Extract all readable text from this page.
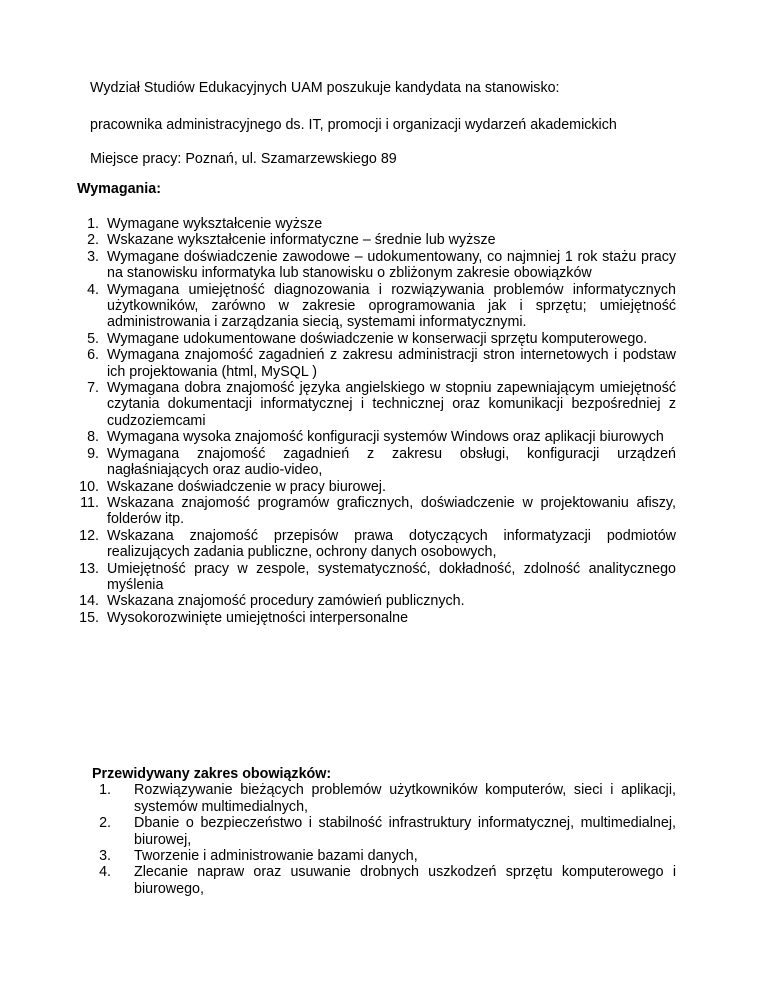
Wydział Studiów Edukacyjnych UAM poszukuje kandydata na stanowisko:

pracownika administracyjnego ds. IT, promocji i organizacji wydarzeń akademickich

Miejsce pracy: Poznań, ul. Szamarzewskiego 89

Wymagania:

1. Wymagane wykształcenie wyższe
2. Wskazane wykształcenie informatyczne – średnie lub wyższe
3. Wymagane doświadczenie zawodowe – udokumentowany, co najmniej 1 rok stażu pracy na stanowisku informatyka lub stanowisku o zbliżonym zakresie obowiązków
4. Wymagana umiejętność diagnozowania i rozwiązywania problemów informatycznych użytkowników, zarówno w zakresie oprogramowania jak i sprzętu; umiejętność administrowania i zarządzania siecią, systemami informatycznymi.
5. Wymagane udokumentowane doświadczenie w konserwacji sprzętu komputerowego.
6. Wymagana znajomość zagadnień z zakresu administracji stron internetowych i podstaw ich projektowania (html, MySQL )
7. Wymagana dobra znajomość języka angielskiego w stopniu zapewniającym umiejętność czytania dokumentacji informatycznej i technicznej oraz komunikacji bezpośredniej z cudzoziemcami
8. Wymagana wysoka znajomość konfiguracji systemów Windows oraz aplikacji biurowych
9. Wymagana znajomość zagadnień z zakresu obsługi, konfiguracji urządzeń nagłaśniających oraz audio-video,
10. Wskazane doświadczenie w pracy biurowej.
11. Wskazana znajomość programów graficznych, doświadczenie w projektowaniu afiszy, folderów itp.
12. Wskazana znajomość przepisów prawa dotyczących informatyzacji podmiotów realizujących zadania publiczne, ochrony danych osobowych,
13. Umiejętność pracy w zespole, systematyczność, dokładność, zdolność analitycznego myślenia
14. Wskazana znajomość procedury zamówień publicznych.
15. Wysokorozwinięte umiejętności interpersonalne

Przewidywany zakres obowiązków:

1. Rozwiązywanie bieżących problemów użytkowników komputerów, sieci i aplikacji, systemów multimedialnych,
2. Dbanie o bezpieczeństwo i stabilność infrastruktury informatycznej, multimedialnej, biurowej,
3. Tworzenie i administrowanie bazami danych,
4. Zlecanie napraw oraz usuwanie drobnych uszkodzeń sprzętu komputerowego i biurowego,
